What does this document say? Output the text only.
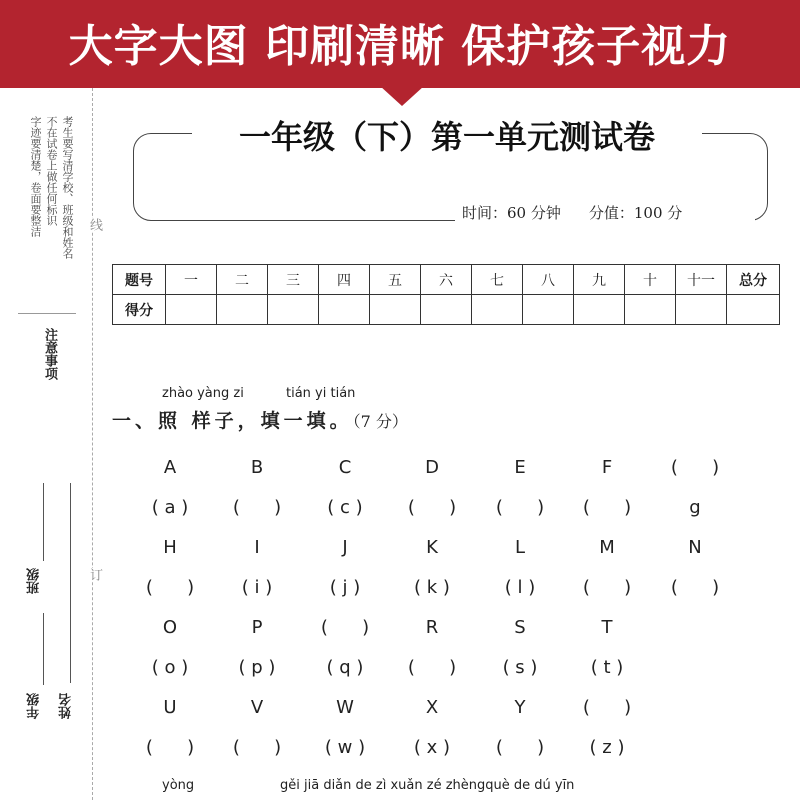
大字大图 印刷清晰 保护孩子视力
考生要写清学校、班级和姓名
不在试卷上做任何标识
字迹要清楚，卷面要整洁
注意事项
线
订
班级
年级 姓名
一年级（下）第一单元测试卷
时间：60 分钟 分值：100 分
题号	一	二	三	四	五	六	七	八	九	十	十一	总分
得分												
zhào yàng zi	tián yi tián
一、照 样子，填一填。（7 分）
A	B	C	D	E	F	(      )
( a )	(      )	( c )	(      )	(      )	(      )	g
H	I	J	K	L	M	N
(      )	( i )	( j )	( k )	( l )	(      )	(      )
O	P	(      )	R	S	T
( o )	( p )	( q )	(      )	( s )	( t )
U	V	W	X	Y	(      )
(      )	(      )	( w )	( x )	(      )	( z )
yòng	gěi jiā diǎn de zì xuǎn zé zhèngquè de dú yīn
